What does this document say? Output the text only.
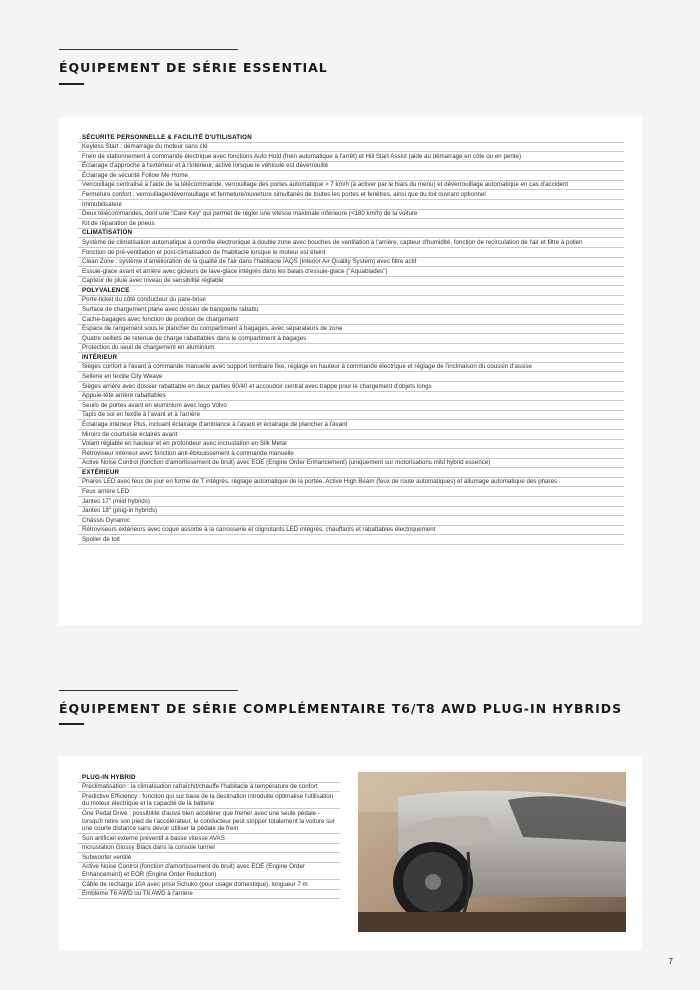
ÉQUIPEMENT DE SÉRIE ESSENTIAL
SÉCURITE PERSONNELLE & FACILITÉ D'UTILISATION
Keyless Start : démarrage du moteur sans clé
Frein de stationnement à commande électrique avec fonctions Auto Hold (frein automatique à l'arrêt) et Hill Start Assist (aide au démarrage en côte ou en pente)
Éclairage d'approche à l'extérieur et à l'intérieur, activé lorsque le véhicule est déverrouillé
Éclairage de sécurité Follow Me Home
Verrouillage centralisé à l'aide de la télécommande, verrouillage des portes automatique > 7 km/h (à activer par le biais du menu) et déverrouillage automatique en cas d'accident
Fermeture confort : verrouillage/déverrouillage et fermeture/ouverture simultanés de toutes les portes et fenêtres, ainsi que du toit ouvrant optionnel
Immobilisateur
Deux télécommandes, dont une "Care Key" qui permet de régler une vitesse maximale inférieure (<180 km/h) de la voiture
Kit de réparation de pneus
CLIMATISATION
Système de climatisation automatique à contrôle électronique à double zone avec bouches de ventilation à l'arrière, capteur d'humidité, fonction de recirculation de l'air et filtre à pollen
Fonction de pré-ventilation et post-climatisation de l'habitacle lorsque le moteur est éteint
Clean Zone : système d'amélioration de la qualité de l'air dans l'habitacle IAQS (Interior Air Quality System) avec filtre actif
Essuie-glace avant et arrière avec gicleurs de lave-glace intégrés dans les balais d'essuie-glace ("Aquablades")
Capteur de pluie avec niveau de sensibilité réglable
POLYVALENCE
Porte-ticket du côté conducteur du pare-brise
Surface de chargement plane avec dossier de banquette rabattu
Cache-bagages avec fonction de position de chargement
Espace de rangement sous le plancher du compartiment à bagages, avec séparateurs de zone
Quatre oeillets de retenue de charge rabattables dans le compartiment à bagages
Protection du seuil de chargement en aluminium
INTÉRIEUR
Sièges confort à l'avant à commande manuelle avec support lombaire fixe, réglage en hauteur à commande électrique et réglage de l'inclinaison du coussin d'assise
Sellerie en textile City Weave
Sièges arrière avec dossier rabattable en deux parties 60/40 et accoudoir central avec trappe pour le chargement d'objets longs
Appuie-tête arrière rabattables
Seuils de portes avant en aluminium avec logo Volvo
Tapis de sol en textile à l'avant et à l'arrière
Éclairage intérieur Plus, incluant éclairage d'ambiance à l'avant et éclairage de plancher à l'avant
Miroirs de courtoisie éclairés avant
Volant réglable en hauteur et en profondeur avec incrustation en Silk Metal
Rétroviseur intérieur avec fonction anti-éblouissement à commande manuelle
Active Noise Control (fonction d'amortissement de bruit) avec EOE (Engine Order Enhancement) (uniquement sur motorisations mild hybrid essence)
EXTÉRIEUR
Phares LED avec feux de jour en forme de T intégrés, réglage automatique de la portée, Active High Beam (feux de route automatiques) et allumage automatique des phares
Feux arrière LED
Jantes 17" (mild hybrids)
Jantes 18" (plug-in hybrids)
Châssis Dynamic
Rétroviseurs extérieurs avec coque assortie à la carrosserie et clignotants LED intégrés, chauffants et rabattables électriquement
Spoiler de toit
ÉQUIPEMENT DE SÉRIE COMPLÉMENTAIRE T6/T8 AWD PLUG-IN HYBRIDS
PLUG-IN HYBRID
Préclimatisation : la climatisation rafraîchit/chauffe l'habitacle à température de confort
Predictive Efficiency : fonction qui sur base de la destination introduite optimalise l'utilisation du moteur électrique et la capacité de la batterie
One Pedal Drive : possibilité d'aussi bien accélérer que freiner avec une seule pédale - lorsqu'il retire son pied de l'accélérateur, le conducteur peut stopper totalement la voiture sur une courte distance sans devoir utiliser la pédale de frein
Son artificiel externe préventif à basse vitesse AVAS
Incrustation Glossy Black dans la console tunnel
Subwoofer ventilé
Active Noise Control (fonction d'amortissement de bruit) avec EOE (Engine Order Enhancement) et EOR (Engine Order Reduction)
Câble de recharge 10A avec prise Schuko (pour usage domestique), longueur 7 m
Emblème T6 AWD ou T8 AWD à l'arrière
7
